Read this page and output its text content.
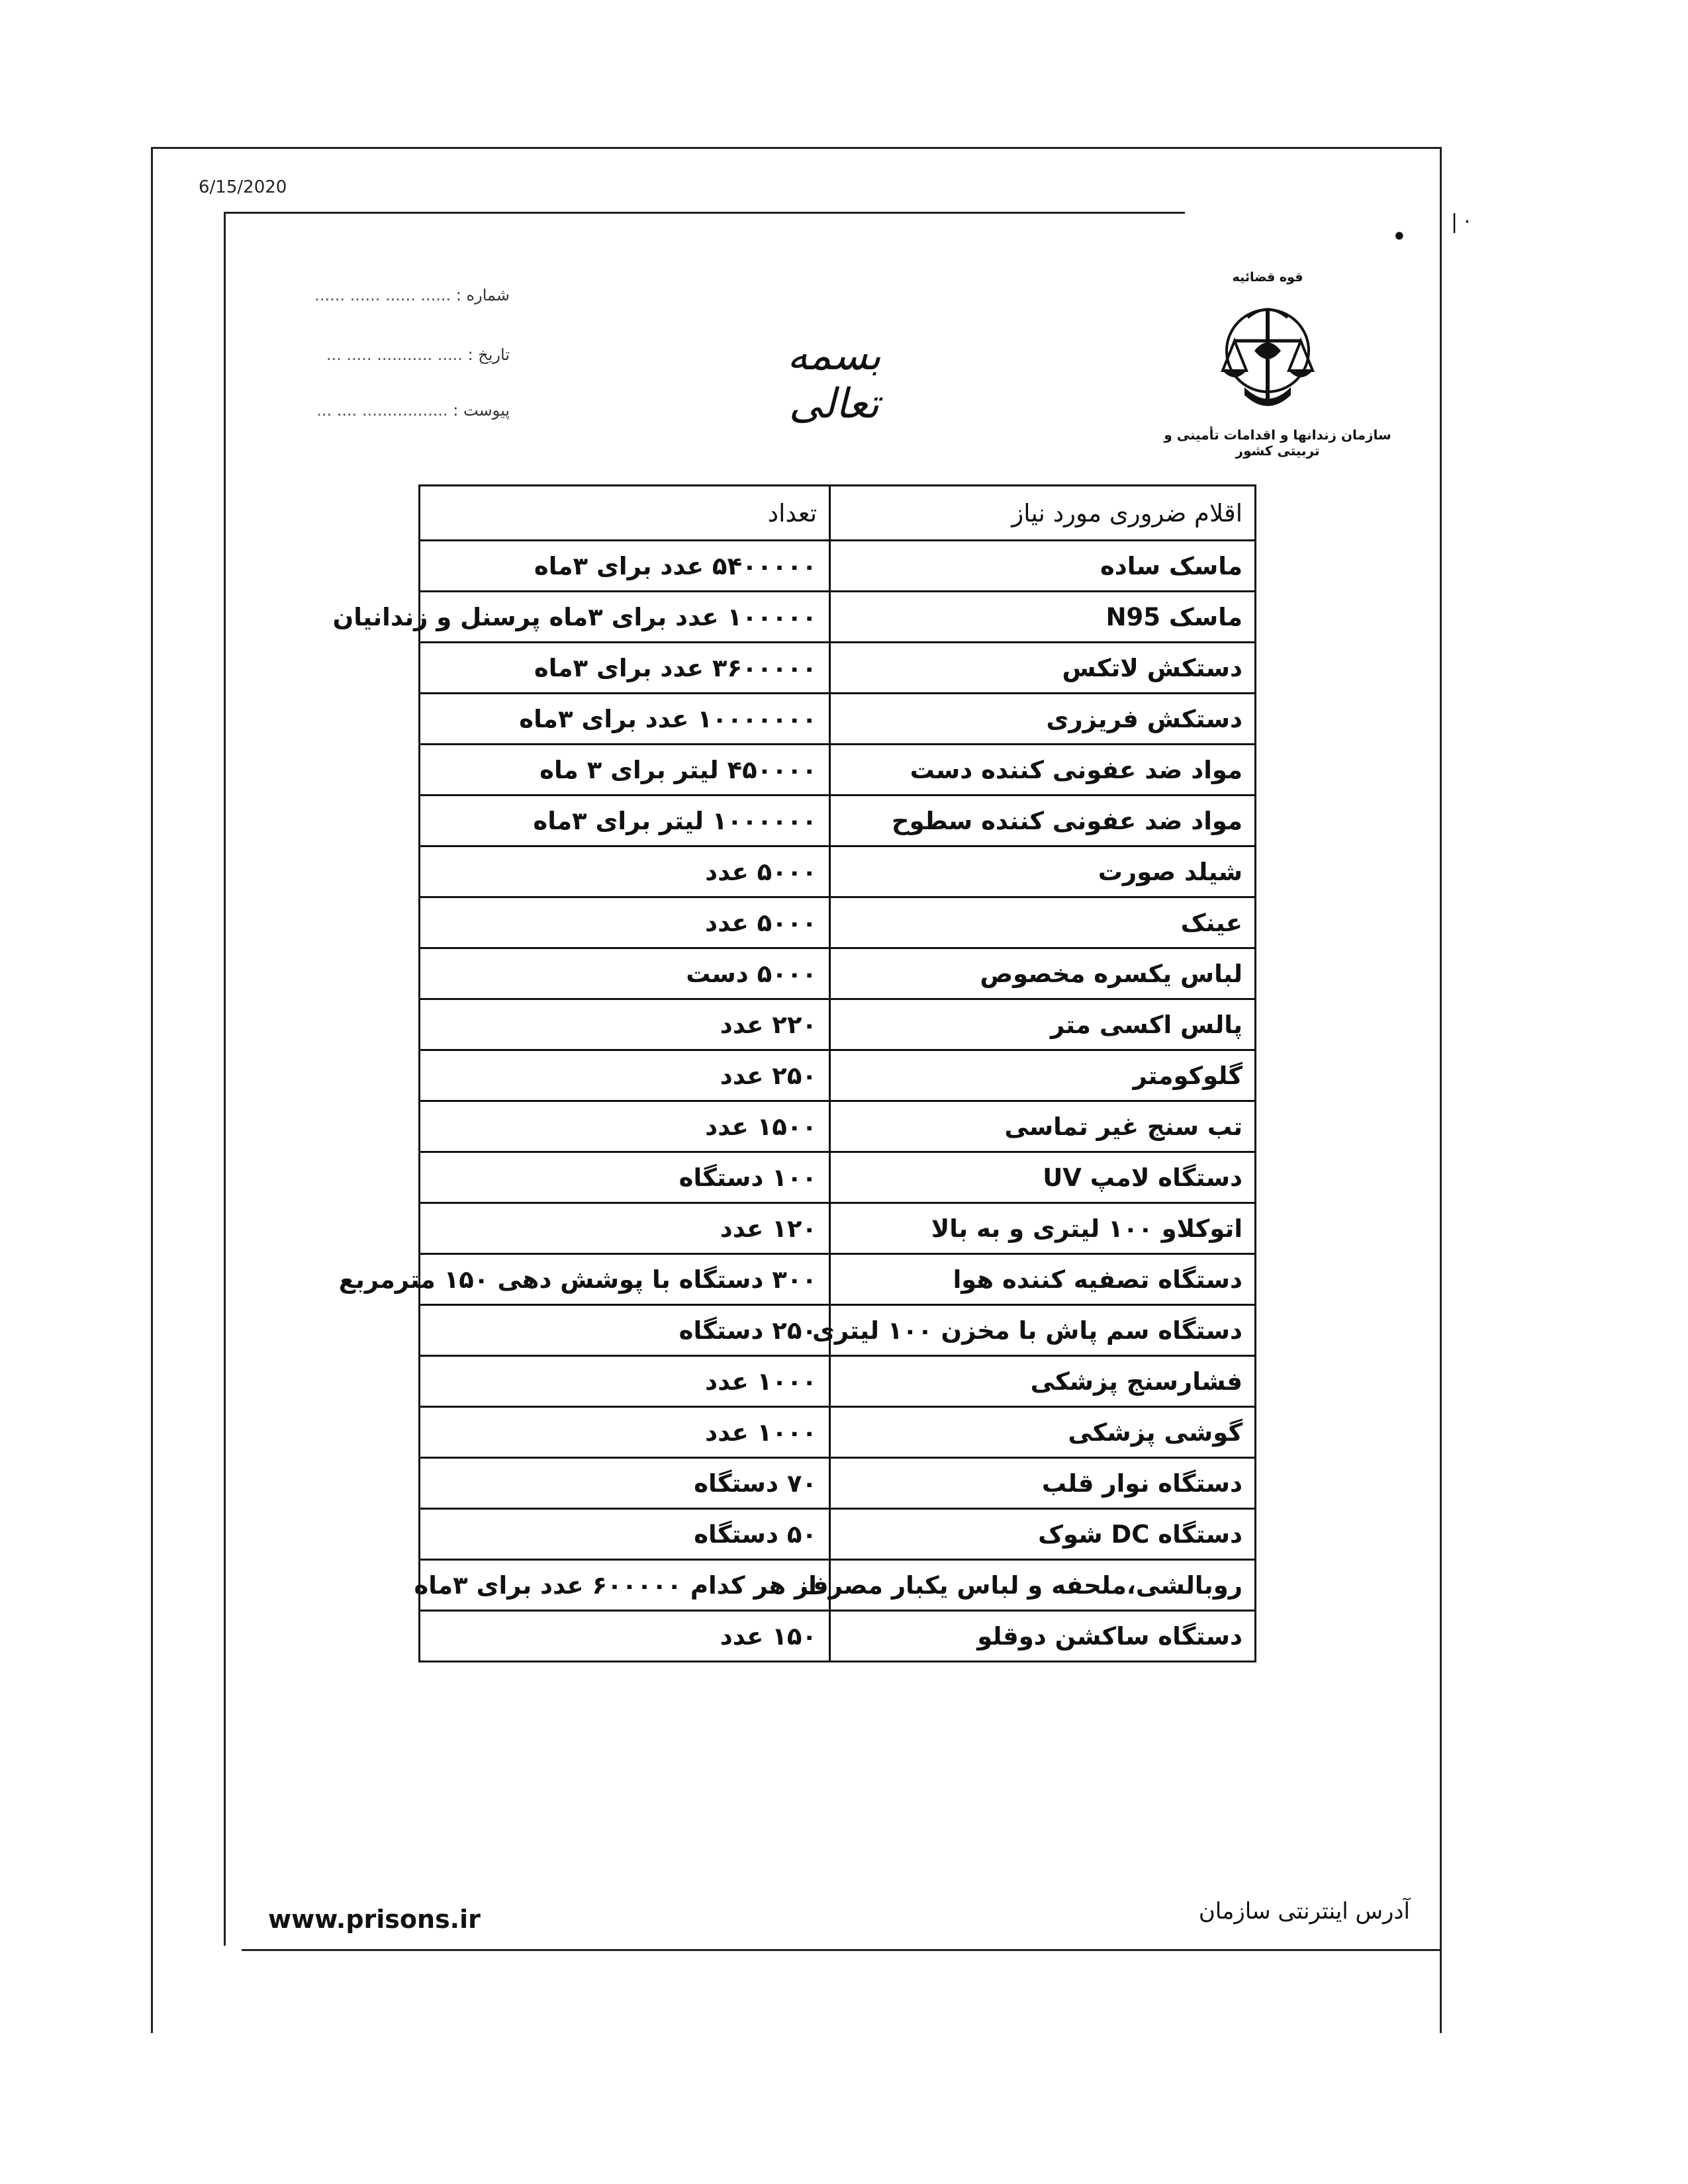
6/15/2020
• | ·
شماره : ...... ...... ...... ......
تاریخ : ..... ........... ..... ...
پیوست : ................. .... ...
بسمه تعالی
قوه قضائیه
سازمان زندانها و اقدامات تأمینی و تربیتی کشور
اقلام ضروری مورد نیاز	تعداد
ماسک ساده	۵۴۰۰۰۰۰ عدد برای ۳ماه
ماسک N95	۱۰۰۰۰۰ عدد برای ۳ماه پرسنل و زندانیان
دستکش لاتکس	۳۶۰۰۰۰۰ عدد برای ۳ماه
دستکش فریزری	۱۰۰۰۰۰۰۰ عدد برای ۳ماه
مواد ضد عفونی کننده دست	۴۵۰۰۰۰ لیتر برای ۳ ماه
مواد ضد عفونی کننده سطوح	۱۰۰۰۰۰۰ لیتر برای ۳ماه
شیلد صورت	۵۰۰۰ عدد
عینک	۵۰۰۰ عدد
لباس یکسره مخصوص	۵۰۰۰ دست
پالس اکسی متر	۲۲۰ عدد
گلوکومتر	۲۵۰ عدد
تب سنج غیر تماسی	۱۵۰۰ عدد
دستگاه لامپ UV	۱۰۰ دستگاه
اتوکلاو ۱۰۰ لیتری و به بالا	۱۲۰ عدد
دستگاه تصفیه کننده هوا	۳۰۰ دستگاه با پوشش دهی ۱۵۰ مترمربع
دستگاه سم پاش با مخزن ۱۰۰ لیتری	۲۵۰ دستگاه
فشارسنج پزشکی	۱۰۰۰ عدد
گوشی پزشکی	۱۰۰۰ عدد
دستگاه نوار قلب	۷۰ دستگاه
دستگاه DC شوک	۵۰ دستگاه
روبالشی،ملحفه و لباس یکبار مصرف	از هر کدام ۶۰۰۰۰۰ عدد برای ۳ماه
دستگاه ساکشن دوقلو	۱۵۰ عدد
www.prisons.ir	آدرس اینترنتی سازمان
